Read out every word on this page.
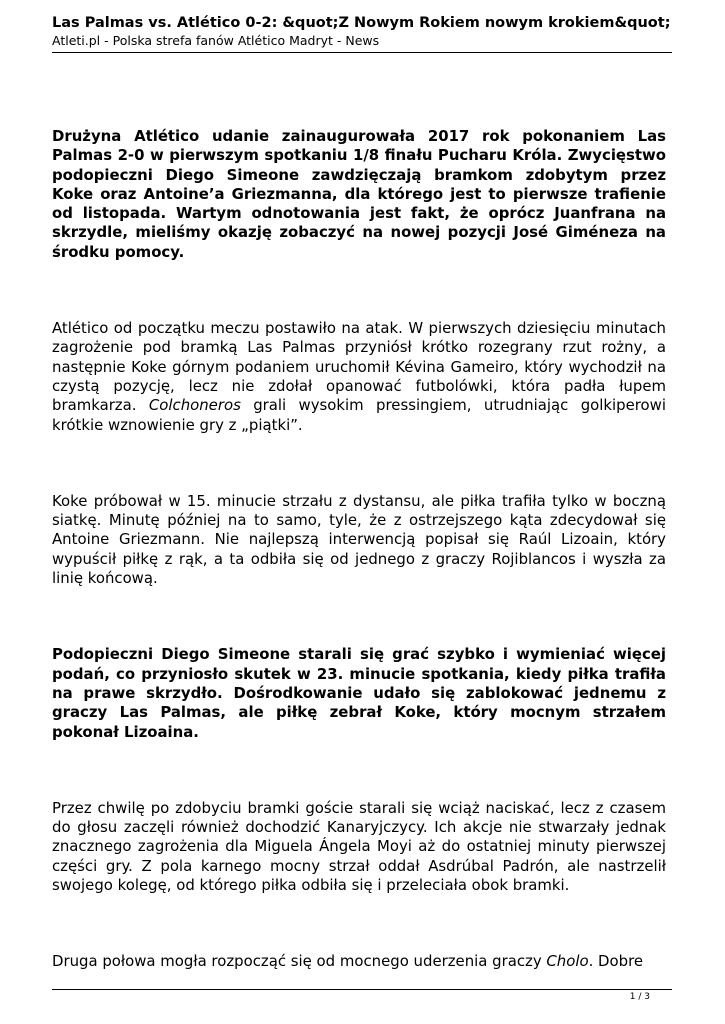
Las Palmas vs. Atlético 0-2: &quot;Z Nowym Rokiem nowym krokiem&quot;
Atleti.pl - Polska strefa fanów Atlético Madryt - News

Drużyna Atlético udanie zainaugurowała 2017 rok pokonaniem Las Palmas 2-0 w pierwszym spotkaniu 1/8 finału Pucharu Króla. Zwycięstwo podopieczni Diego Simeone zawdzięczają bramkom zdobytym przez Koke oraz Antoine’a Griezmanna, dla którego jest to pierwsze trafienie od listopada. Wartym odnotowania jest fakt, że oprócz Juanfrana na skrzydle, mieliśmy okazję zobaczyć na nowej pozycji José Giméneza na środku pomocy.

Atlético od początku meczu postawiło na atak. W pierwszych dziesięciu minutach zagrożenie pod bramką Las Palmas przyniósł krótko rozegrany rzut rożny, a następnie Koke górnym podaniem uruchomił Kévina Gameiro, który wychodził na czystą pozycję, lecz nie zdołał opanować futbolówki, która padła łupem bramkarza. Colchoneros grali wysokim pressingiem, utrudniając golkiperowi krótkie wznowienie gry z „piątki”.

Koke próbował w 15. minucie strzału z dystansu, ale piłka trafiła tylko w boczną siatkę. Minutę później na to samo, tyle, że z ostrzejszego kąta zdecydował się Antoine Griezmann. Nie najlepszą interwencją popisał się Raúl Lizoain, który wypuścił piłkę z rąk, a ta odbiła się od jednego z graczy Rojiblancos i wyszła za linię końcową.

Podopieczni Diego Simeone starali się grać szybko i wymieniać więcej podań, co przyniosło skutek w 23. minucie spotkania, kiedy piłka trafiła na prawe skrzydło. Dośrodkowanie udało się zablokować jednemu z graczy Las Palmas, ale piłkę zebrał Koke, który mocnym strzałem pokonał Lizoaina.

Przez chwilę po zdobyciu bramki goście starali się wciąż naciskać, lecz z czasem do głosu zaczęli również dochodzić Kanaryjczycy. Ich akcje nie stwarzały jednak znacznego zagrożenia dla Miguela Ángela Moyi aż do ostatniej minuty pierwszej części gry. Z pola karnego mocny strzał oddał Asdrúbal Padrón, ale nastrzelił swojego kolegę, od którego piłka odbiła się i przeleciała obok bramki.

Druga połowa mogła rozpocząć się od mocnego uderzenia graczy Cholo. Dobre

1 / 3
